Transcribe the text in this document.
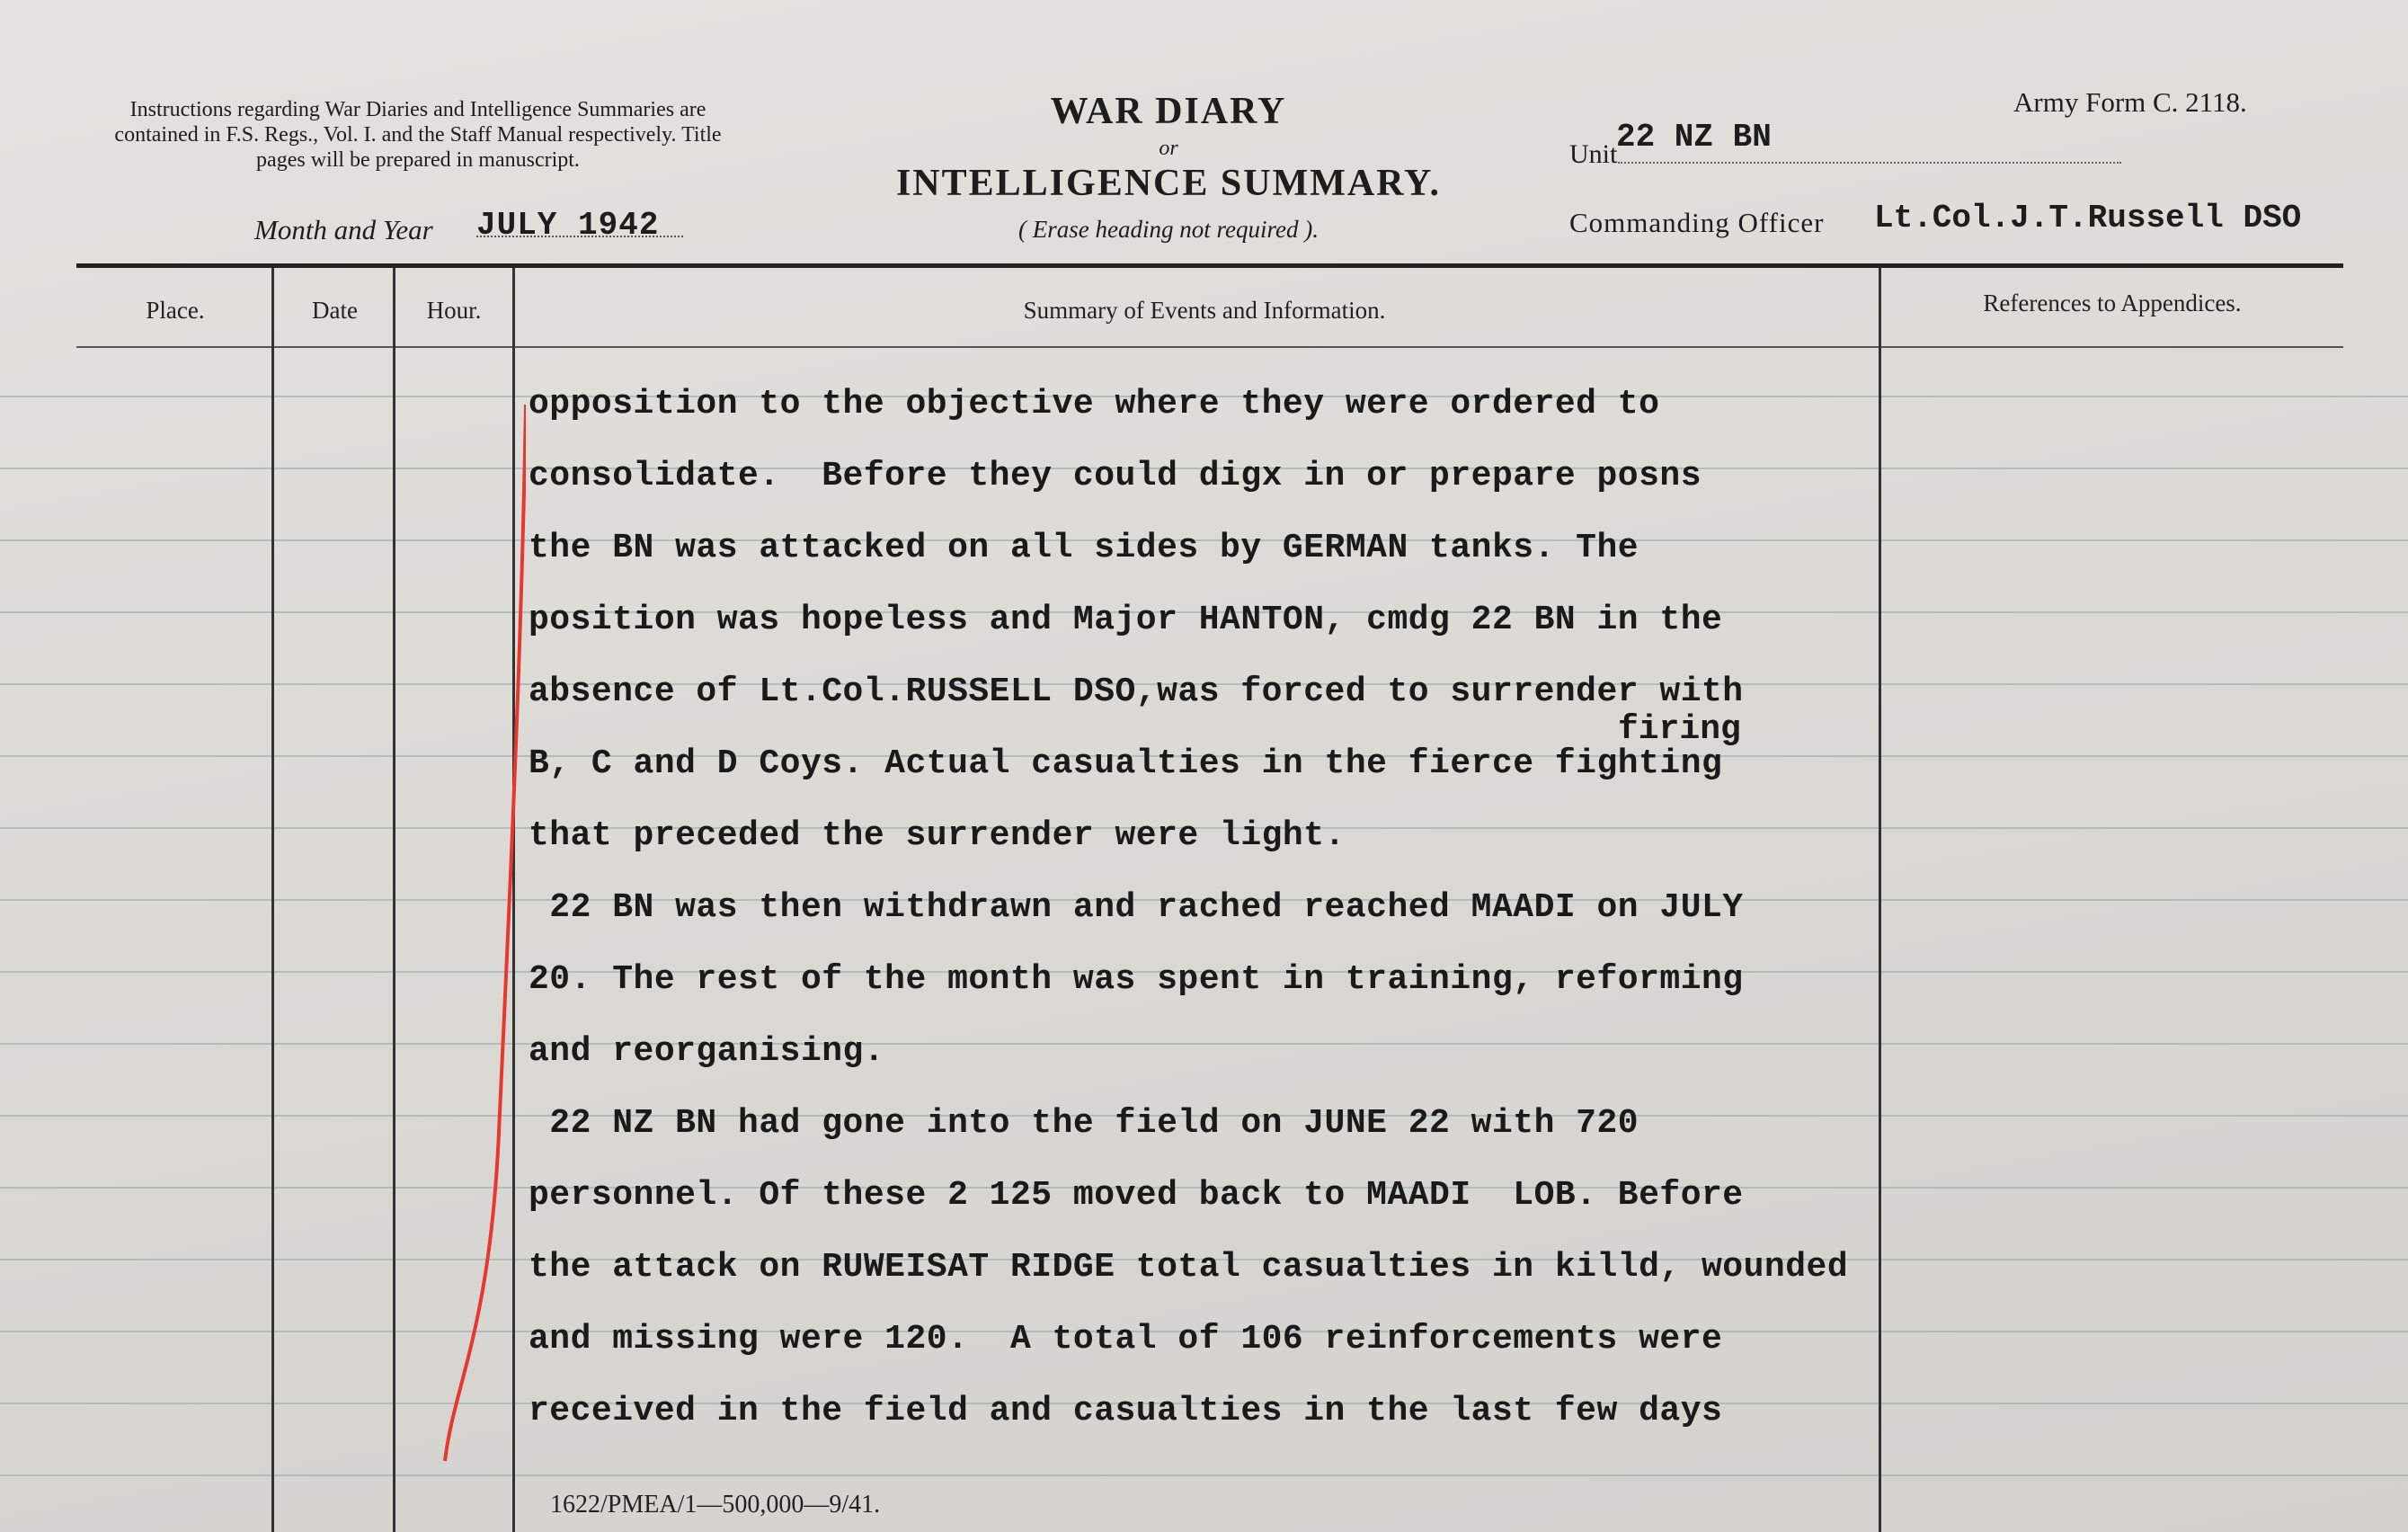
Instructions regarding War Diaries and Intelligence Summaries are contained in F.S. Regs., Vol. I. and the Staff Manual respectively. Title pages will be prepared in manuscript.
WAR DIARY
or
INTELLIGENCE SUMMARY.
( Erase heading not required ).
Month and Year JULY 1942
Army Form C. 2118.
Unit
22 NZ BN
Commanding Officer Lt.Col.J.T.Russell DSO
Place.	Date	Hour.	Summary of Events and Information.	References to Appendices.
opposition to the objective where they were ordered to
consolidate.  Before they could digx in or prepare posns
the BN was attacked on all sides by GERMAN tanks. The
position was hopeless and Major HANTON, cmdg 22 BN in the
absence of Lt.Col.RUSSELL DSO,was forced to surrender with
firing
B, C and D Coys. Actual casualties in the fierce fighting
that preceded the surrender were light.
22 BN was then withdrawn and rached reached MAADI on JULY
20. The rest of the month was spent in training, reforming
and reorganising.
22 NZ BN had gone into the field on JUNE 22 with 720
personnel. Of these 2 125 moved back to MAADI  LOB. Before
the attack on RUWEISAT RIDGE total casualties in killd, wounded
and missing were 120.  A total of 106 reinforcements were
received in the field and casualties in the last few days
1622/PMEA/1—500,000—9/41.
